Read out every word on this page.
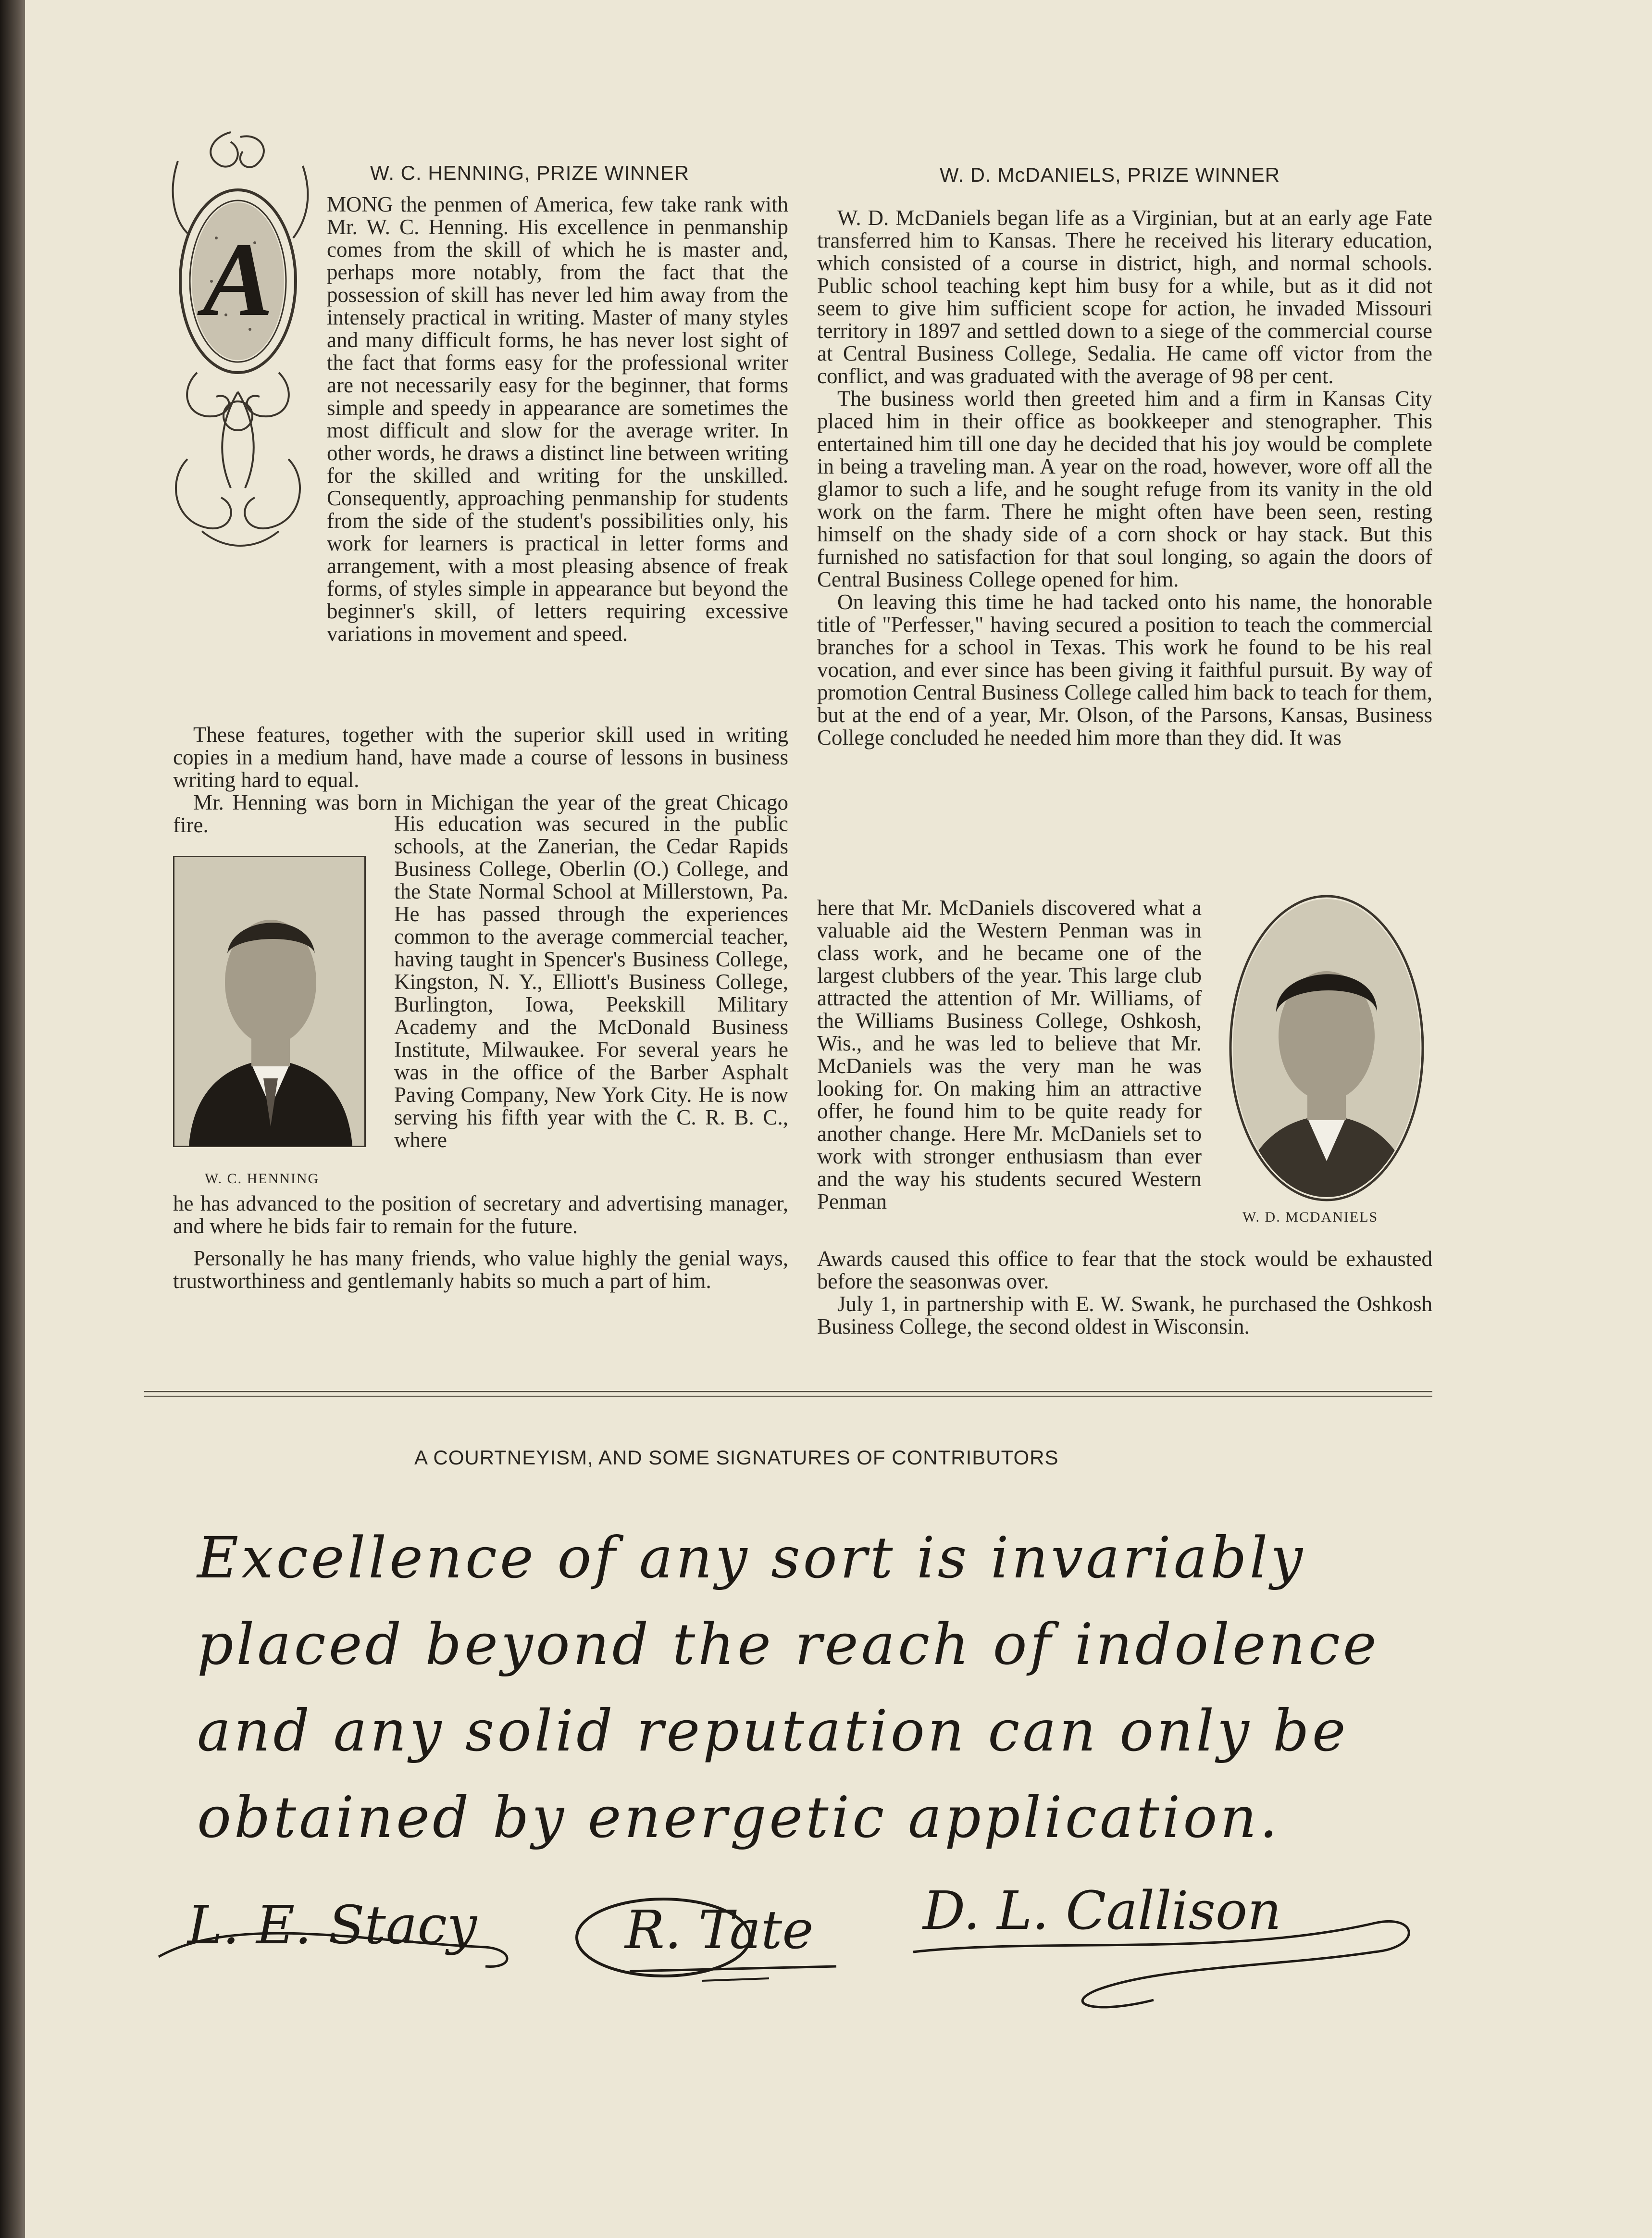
W. C. HENNING, PRIZE WINNER
A

MONG the penmen of America, few take rank with Mr. W. C. Henning. His excellence in penmanship comes from the skill of which he is master and, perhaps more notably, from the fact that the possession of skill has never led him away from the intensely practical in writing. Master of many styles and many difficult forms, he has never lost sight of the fact that forms easy for the professional writer are not necessarily easy for the beginner, that forms simple and speedy in appearance are sometimes the most difficult and slow for the average writer. In other words, he draws a distinct line between writing for the skilled and writing for the unskilled. Consequently, approaching penmanship for students from the side of the student's possibilities only, his work for learners is practical in letter forms and arrangement, with a most pleasing absence of freak forms, of styles simple in appearance but beyond the beginner's skill, of letters requiring excessive variations in movement and speed.

These features, together with the superior skill used in writing copies in a medium hand, have made a course of lessons in business writing hard to equal.

Mr. Henning was born in Michigan the year of the great Chicago fire.

W. C. HENNING

His education was secured in the public schools, at the Zanerian, the Cedar Rapids Business College, Oberlin (O.) College, and the State Normal School at Millerstown, Pa. He has passed through the experiences common to the average commercial teacher, having taught in Spencer's Business College, Kingston, N. Y., Elliott's Business College, Burlington, Iowa, Peekskill Military Academy and the McDonald Business Institute, Milwaukee. For several years he was in the office of the Barber Asphalt Paving Company, New York City. He is now serving his fifth year with the C. R. B. C., where

he has advanced to the position of secretary and advertising manager, and where he bids fair to remain for the future.

Personally he has many friends, who value highly the genial ways, trustworthiness and gentlemanly habits so much a part of him.

W. D. McDANIELS, PRIZE WINNER

W. D. McDaniels began life as a Virginian, but at an early age Fate transferred him to Kansas. There he received his literary education, which consisted of a course in district, high, and normal schools. Public school teaching kept him busy for a while, but as it did not seem to give him sufficient scope for action, he invaded Missouri territory in 1897 and settled down to a siege of the commercial course at Central Business College, Sedalia. He came off victor from the conflict, and was graduated with the average of 98 per cent.

The business world then greeted him and a firm in Kansas City placed him in their office as bookkeeper and stenographer. This entertained him till one day he decided that his joy would be complete in being a traveling man. A year on the road, however, wore off all the glamor to such a life, and he sought refuge from its vanity in the old work on the farm. There he might often have been seen, resting himself on the shady side of a corn shock or hay stack. But this furnished no satisfaction for that soul longing, so again the doors of Central Business College opened for him.

On leaving this time he had tacked onto his name, the honorable title of "Perfesser," having secured a position to teach the commercial branches for a school in Texas. This work he found to be his real vocation, and ever since has been giving it faithful pursuit. By way of promotion Central Business College called him back to teach for them, but at the end of a year, Mr. Olson, of the Parsons, Kansas, Business College concluded he needed him more than they did. It was

here that Mr. McDaniels discovered what a valuable aid the Western Penman was in class work, and he became one of the largest clubbers of the year. This large club attracted the attention of Mr. Williams, of the Williams Business College, Oshkosh, Wis., and he was led to believe that Mr. McDaniels was the very man he was looking for. On making him an attractive offer, he found him to be quite ready for another change. Here Mr. McDaniels set to work with stronger enthusiasm than ever and the way his students secured Western Penman

W. D. MCDANIELS

Awards caused this office to fear that the stock would be exhausted before the seasonwas over.

July 1, in partnership with E. W. Swank, he purchased the Oshkosh Business College, the second oldest in Wisconsin.

A COURTNEYISM, AND SOME SIGNATURES OF CONTRIBUTORS
Excellence of any sort is invariably
placed beyond the reach of indolence
and any solid reputation can only be
obtained by energetic application.
L. E. Stacy	R. Tate D. L. Callison
